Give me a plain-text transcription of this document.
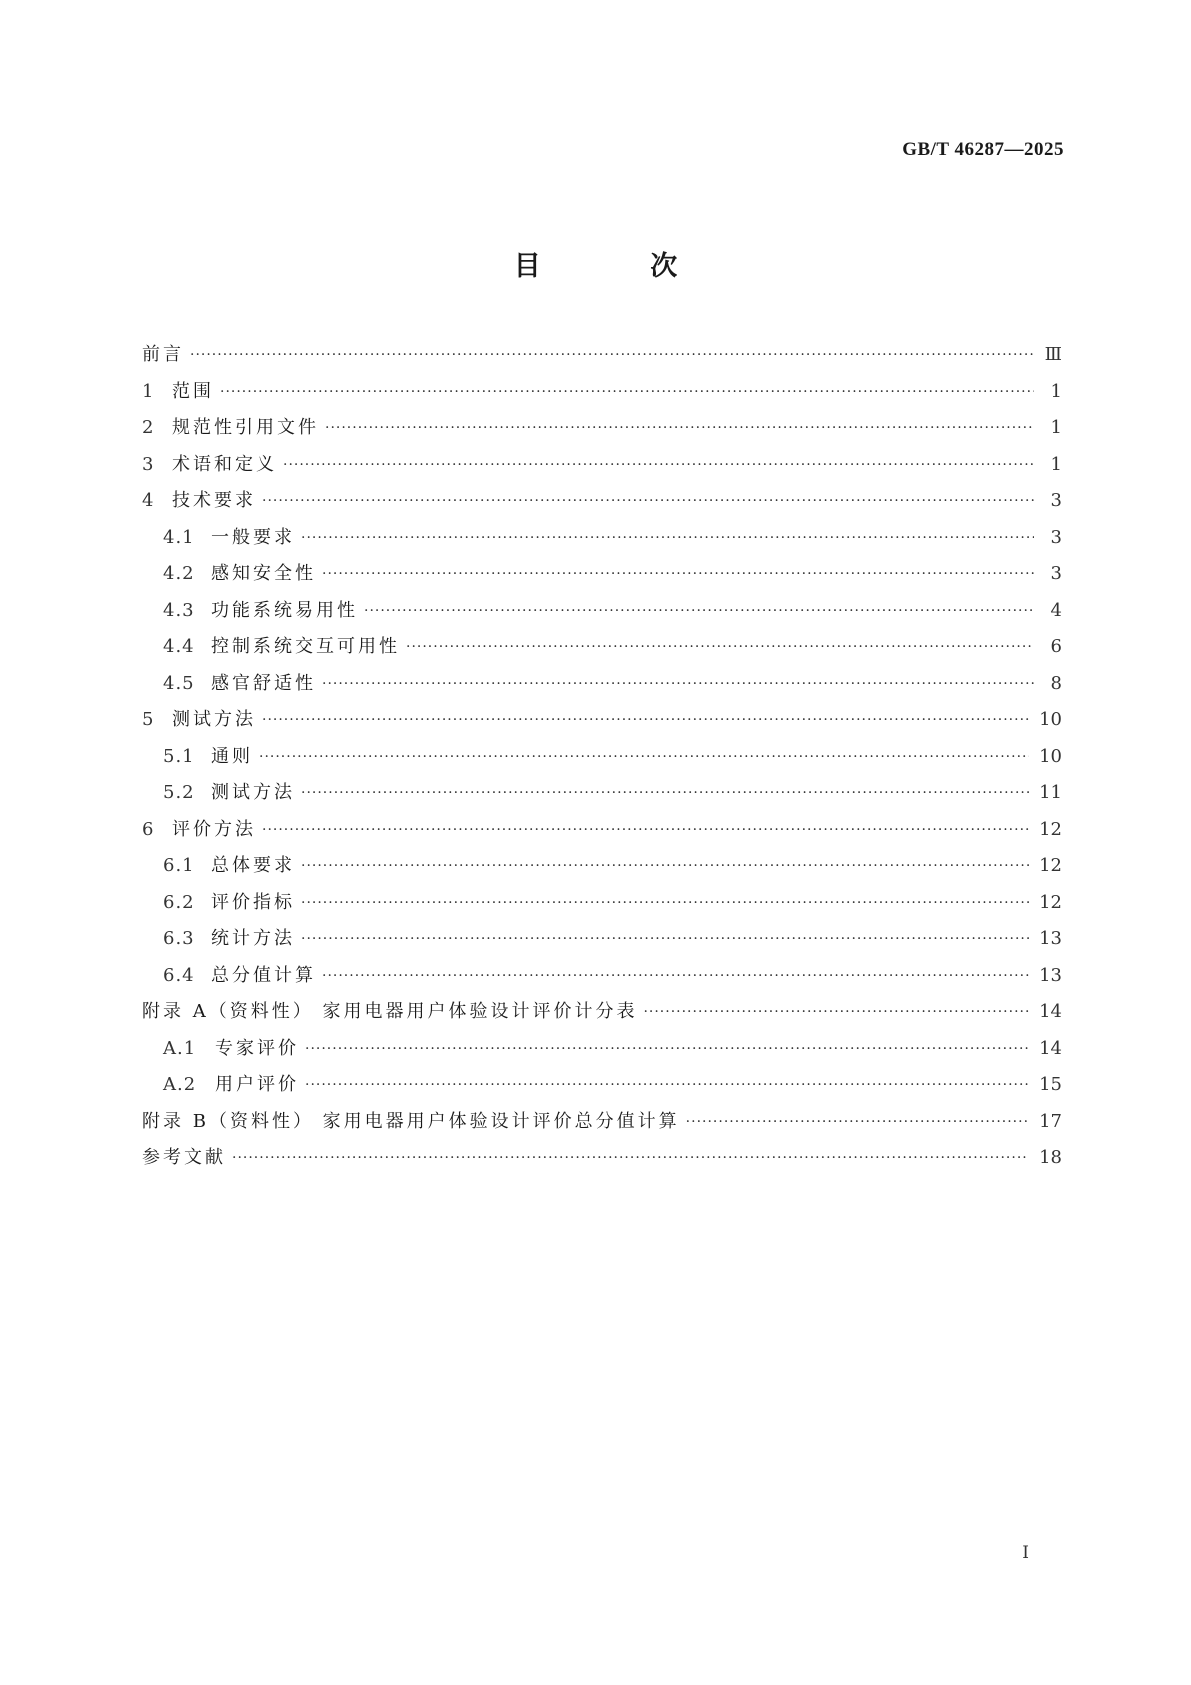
GB/T 46287—2025
目 次
前言 ·····	Ⅲ
1 范围 ·····	1
2 规范性引用文件 ·····	1
3 术语和定义 ·····	1
4 技术要求 ·····	3
4.1 一般要求 ·····	3
4.2 感知安全性 ·····	3
4.3 功能系统易用性 ·····	4
4.4 控制系统交互可用性 ·····	6
4.5 感官舒适性 ·····	8
5 测试方法 ·····	10
5.1 通则 ·····	10
5.2 测试方法 ·····	11
6 评价方法 ·····	12
6.1 总体要求 ·····	12
6.2 评价指标 ·····	12
6.3 统计方法 ·····	13
6.4 总分值计算 ·····	13
附录 A（资料性） 家用电器用户体验设计评价计分表 ·····	14
A.1	专家评价 ·····	14
A.2	用户评价 ·····	15
附录 B（资料性） 家用电器用户体验设计评价总分值计算 ·····	17
参考文献 ·····	18
I
